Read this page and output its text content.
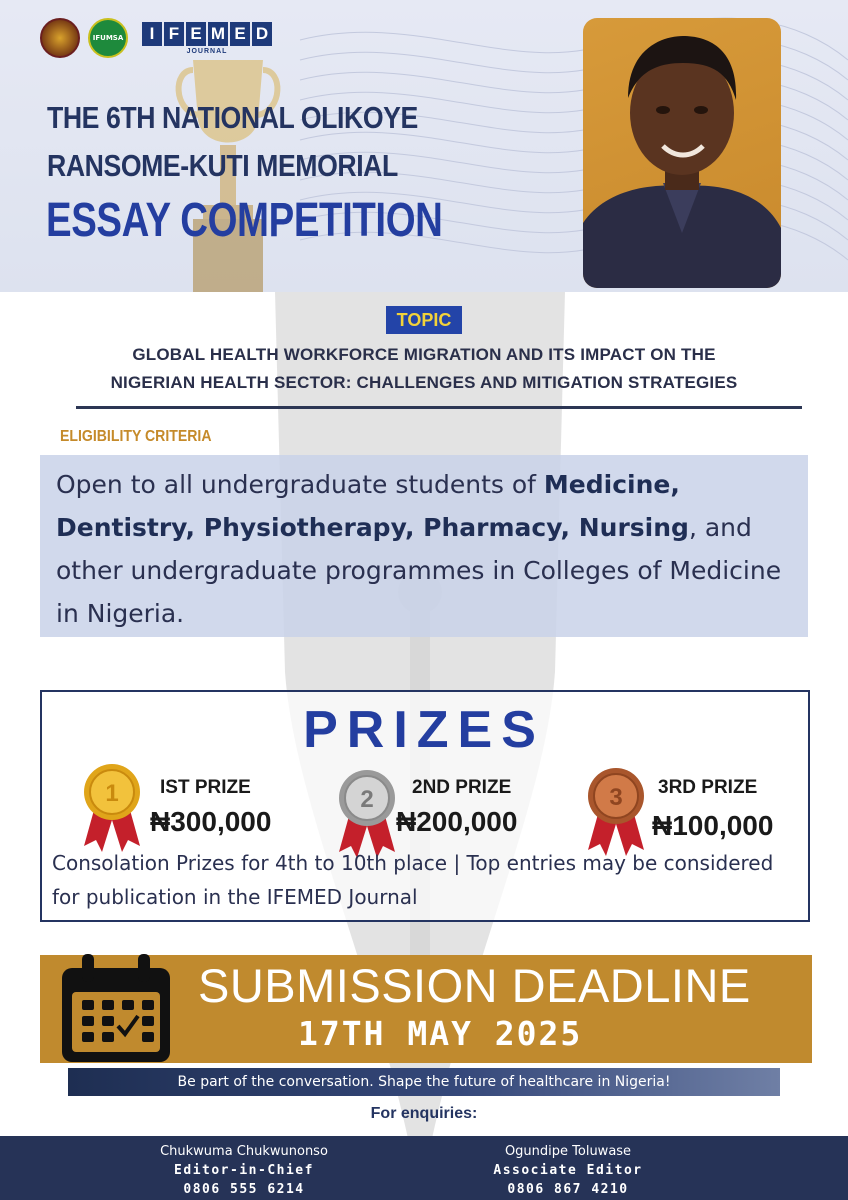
IFUMSA	I F E M E D
JOURNAL
THE 6TH NATIONAL OLIKOYE
RANSOME-KUTI MEMORIAL
ESSAY COMPETITION
TOPIC
GLOBAL HEALTH WORKFORCE MIGRATION AND ITS IMPACT ON THE
NIGERIAN HEALTH SECTOR: CHALLENGES AND MITIGATION STRATEGIES
ELIGIBILITY CRITERIA
Open to all undergraduate students of Medicine, Dentistry, Physiotherapy, Pharmacy, Nursing, and other undergraduate programmes in Colleges of Medicine in Nigeria.
PRIZES
1 IST PRIZE
₦300,000
2 2ND PRIZE
₦200,000
3 3RD PRIZE
₦100,000
Consolation Prizes for 4th to 10th place | Top entries may be considered for publication in the IFEMED Journal
SUBMISSION DEADLINE
17TH MAY 2025
Be part of the conversation. Shape the future of healthcare in Nigeria!
For enquiries:
Chukwuma Chukwunonso
Editor-in-Chief
0806 555 6214
Ogundipe Toluwase
Associate Editor
0806 867 4210
